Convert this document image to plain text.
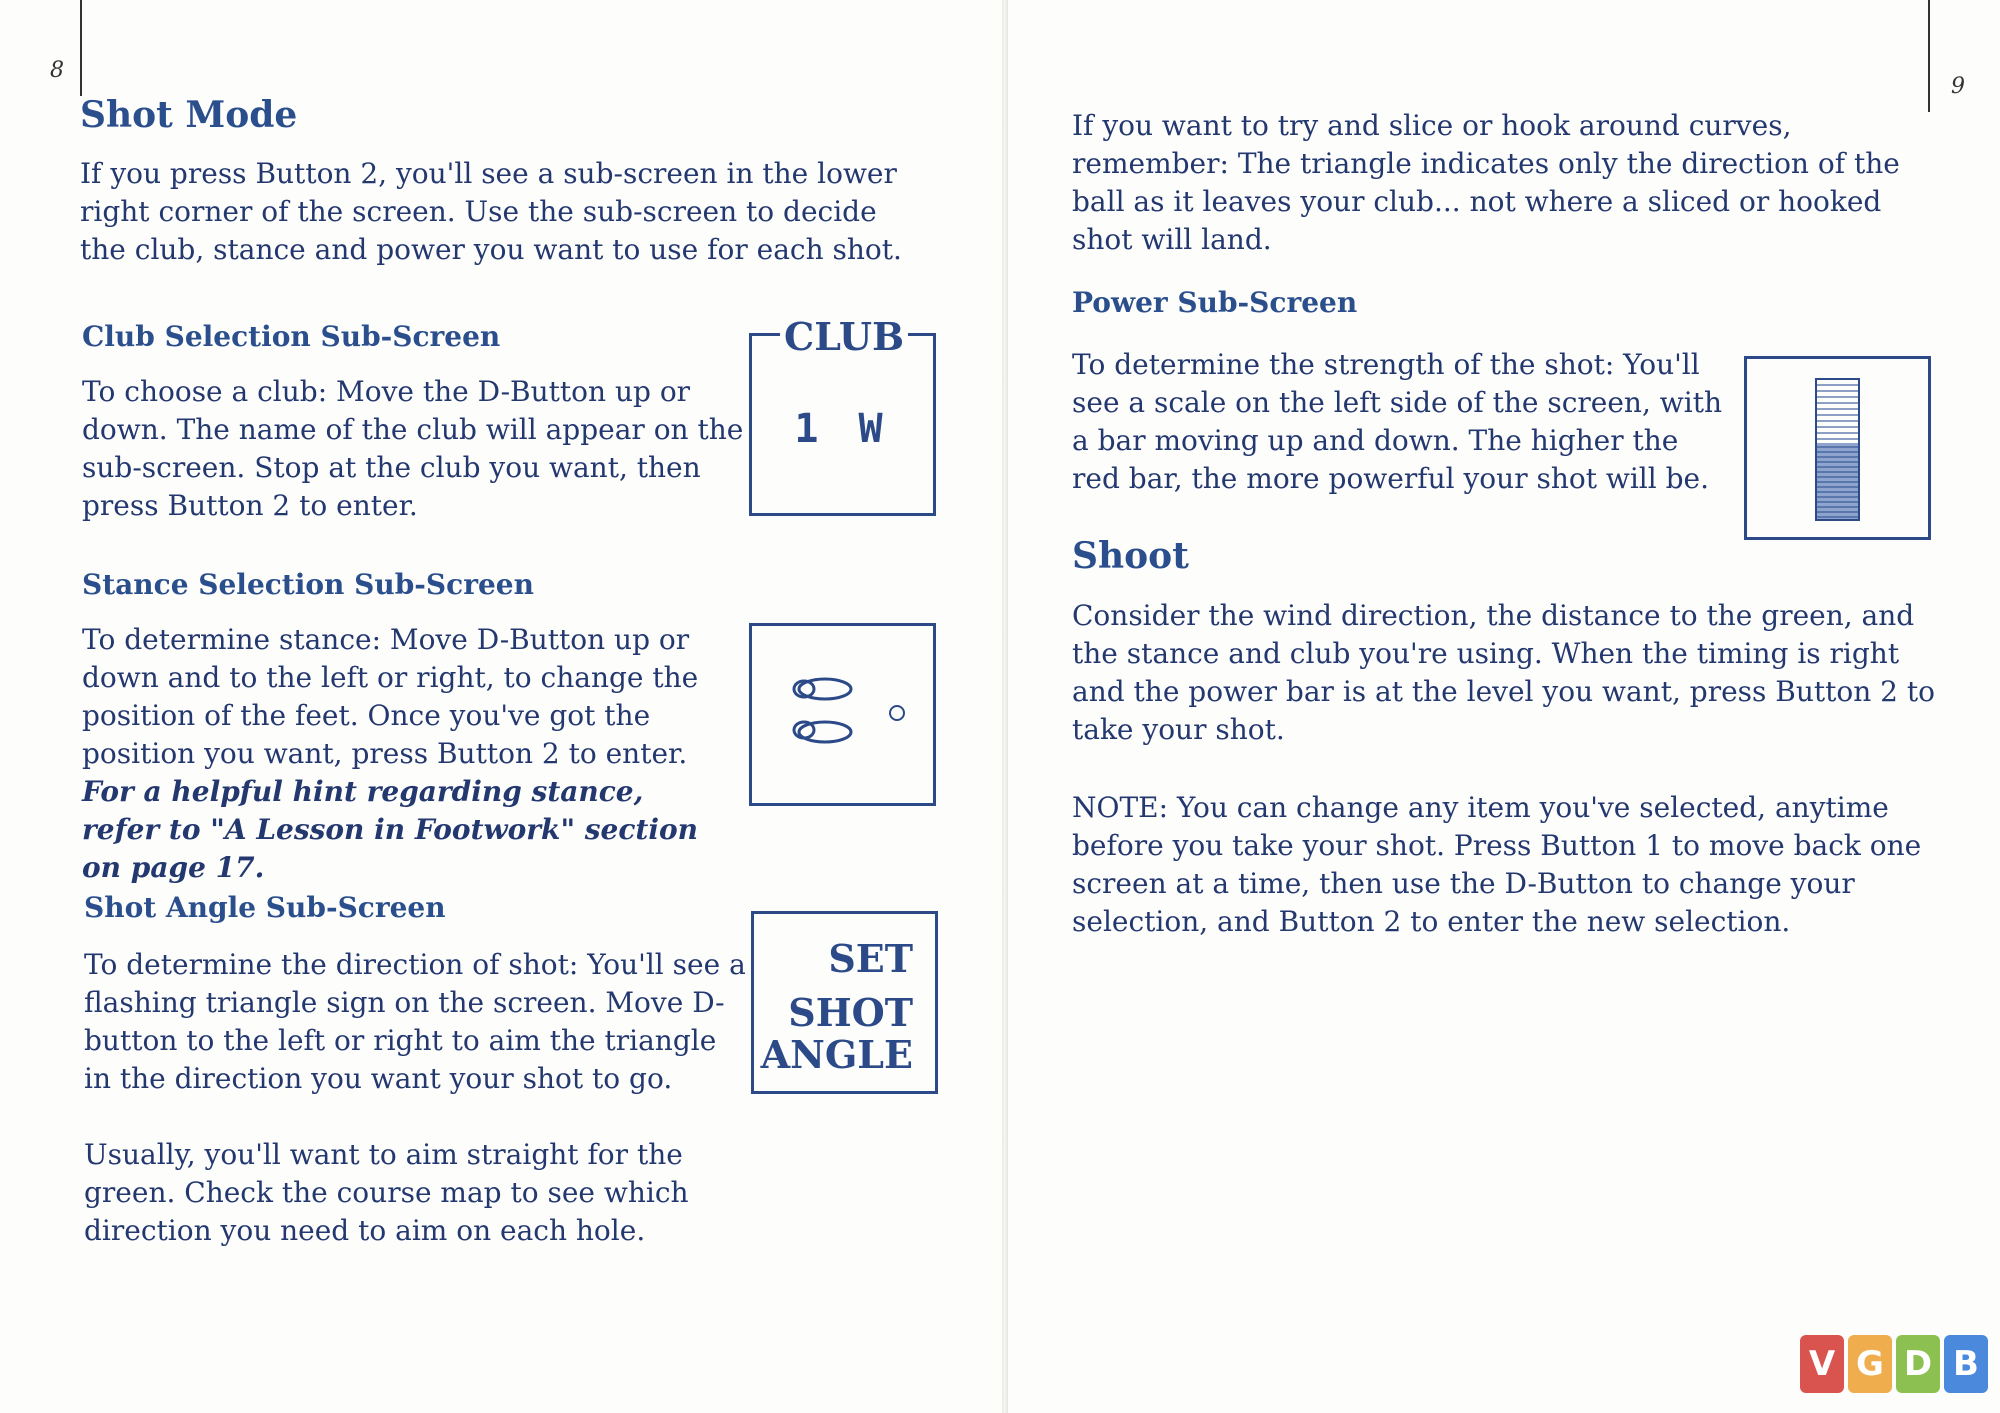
8
Shot Mode

If you press Button 2, you'll see a sub-screen in the lower right corner of the screen. Use the sub-screen to decide the club, stance and power you want to use for each shot.

Club Selection Sub-Screen

To choose a club: Move the D-Button up or down. The name of the club will appear on the sub-screen. Stop at the club you want, then press Button 2 to enter.

CLUB
1 W
Stance Selection Sub-Screen

To determine stance: Move D-Button up or down and to the left or right, to change the position of the feet. Once you've got the position you want, press Button 2 to enter. For a helpful hint regarding stance, refer to "A Lesson in Footwork" section on page 17.

Shot Angle Sub-Screen

To determine the direction of shot: You'll see a flashing triangle sign on the screen. Move D-button to the left or right to aim the triangle in the direction you want your shot to go.

SET
SHOT
ANGLE

Usually, you'll want to aim straight for the green. Check the course map to see which direction you need to aim on each hole.

9

If you want to try and slice or hook around curves, remember: The triangle indicates only the direction of the ball as it leaves your club... not where a sliced or hooked shot will land.

Power Sub-Screen

To determine the strength of the shot: You'll see a scale on the left side of the screen, with a bar moving up and down. The higher the red bar, the more powerful your shot will be.

Shoot

Consider the wind direction, the distance to the green, and the stance and club you're using. When the timing is right and the power bar is at the level you want, press Button 2 to take your shot.

NOTE: You can change any item you've selected, anytime before you take your shot. Press Button 1 to move back one screen at a time, then use the D-Button to change your selection, and Button 2 to enter the new selection.

V G D B
